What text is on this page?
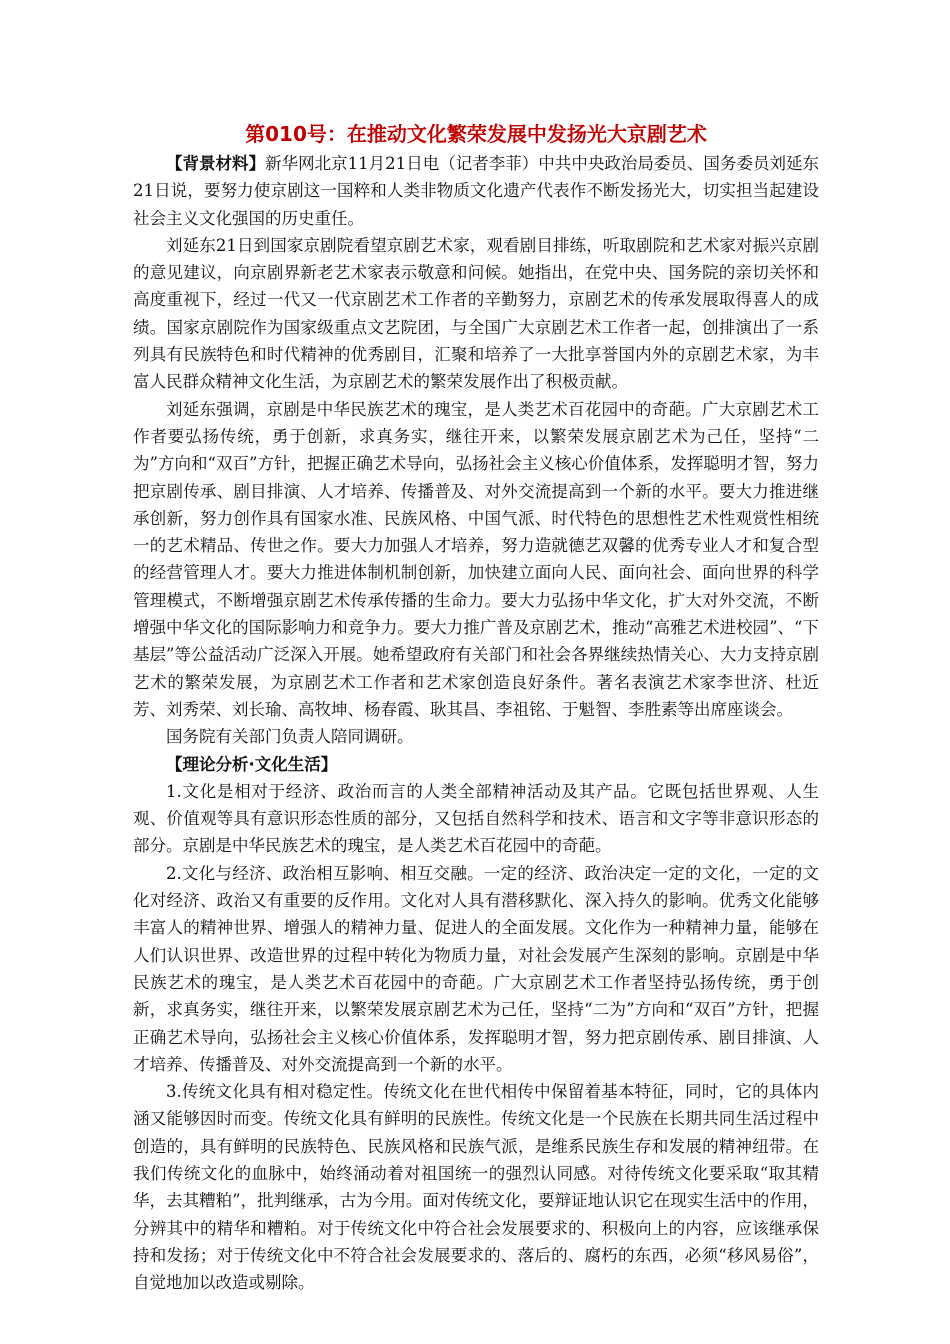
第010号：在推动文化繁荣发展中发扬光大京剧艺术

【背景材料】新华网北京11月21日电（记者李菲）中共中央政治局委员、国务委员刘延东21日说，要努力使京剧这一国粹和人类非物质文化遗产代表作不断发扬光大，切实担当起建设社会主义文化强国的历史重任。

刘延东21日到国家京剧院看望京剧艺术家，观看剧目排练，听取剧院和艺术家对振兴京剧的意见建议，向京剧界新老艺术家表示敬意和问候。她指出，在党中央、国务院的亲切关怀和高度重视下，经过一代又一代京剧艺术工作者的辛勤努力，京剧艺术的传承发展取得喜人的成绩。国家京剧院作为国家级重点文艺院团，与全国广大京剧艺术工作者一起，创排演出了一系列具有民族特色和时代精神的优秀剧目，汇聚和培养了一大批享誉国内外的京剧艺术家，为丰富人民群众精神文化生活，为京剧艺术的繁荣发展作出了积极贡献。

刘延东强调，京剧是中华民族艺术的瑰宝，是人类艺术百花园中的奇葩。广大京剧艺术工作者要弘扬传统，勇于创新，求真务实，继往开来，以繁荣发展京剧艺术为己任，坚持“二为”方向和“双百”方针，把握正确艺术导向，弘扬社会主义核心价值体系，发挥聪明才智，努力把京剧传承、剧目排演、人才培养、传播普及、对外交流提高到一个新的水平。要大力推进继承创新，努力创作具有国家水准、民族风格、中国气派、时代特色的思想性艺术性观赏性相统一的艺术精品、传世之作。要大力加强人才培养，努力造就德艺双馨的优秀专业人才和复合型的经营管理人才。要大力推进体制机制创新，加快建立面向人民、面向社会、面向世界的科学管理模式，不断增强京剧艺术传承传播的生命力。要大力弘扬中华文化，扩大对外交流，不断增强中华文化的国际影响力和竞争力。要大力推广普及京剧艺术，推动“高雅艺术进校园”、“下基层”等公益活动广泛深入开展。她希望政府有关部门和社会各界继续热情关心、大力支持京剧艺术的繁荣发展，为京剧艺术工作者和艺术家创造良好条件。著名表演艺术家李世济、杜近芳、刘秀荣、刘长瑜、高牧坤、杨春霞、耿其昌、李祖铭、于魁智、李胜素等出席座谈会。

国务院有关部门负责人陪同调研。

【理论分析·文化生活】

1.文化是相对于经济、政治而言的人类全部精神活动及其产品。它既包括世界观、人生观、价值观等具有意识形态性质的部分，又包括自然科学和技术、语言和文字等非意识形态的部分。京剧是中华民族艺术的瑰宝，是人类艺术百花园中的奇葩。

2.文化与经济、政治相互影响、相互交融。一定的经济、政治决定一定的文化，一定的文化对经济、政治又有重要的反作用。文化对人具有潜移默化、深入持久的影响。优秀文化能够丰富人的精神世界、增强人的精神力量、促进人的全面发展。文化作为一种精神力量，能够在人们认识世界、改造世界的过程中转化为物质力量，对社会发展产生深刻的影响。京剧是中华民族艺术的瑰宝，是人类艺术百花园中的奇葩。广大京剧艺术工作者坚持弘扬传统，勇于创新，求真务实，继往开来，以繁荣发展京剧艺术为己任，坚持“二为”方向和“双百”方针，把握正确艺术导向，弘扬社会主义核心价值体系，发挥聪明才智，努力把京剧传承、剧目排演、人才培养、传播普及、对外交流提高到一个新的水平。

3.传统文化具有相对稳定性。传统文化在世代相传中保留着基本特征，同时，它的具体内涵又能够因时而变。传统文化具有鲜明的民族性。传统文化是一个民族在长期共同生活过程中创造的，具有鲜明的民族特色、民族风格和民族气派，是维系民族生存和发展的精神纽带。在我们传统文化的血脉中，始终涌动着对祖国统一的强烈认同感。对待传统文化要采取“取其精华，去其糟粕”，批判继承，古为今用。面对传统文化，要辩证地认识它在现实生活中的作用，分辨其中的精华和糟粕。对于传统文化中符合社会发展要求的、积极向上的内容，应该继承保持和发扬；对于传统文化中不符合社会发展要求的、落后的、腐朽的东西，必须“移风易俗”，自觉地加以改造或剔除。
